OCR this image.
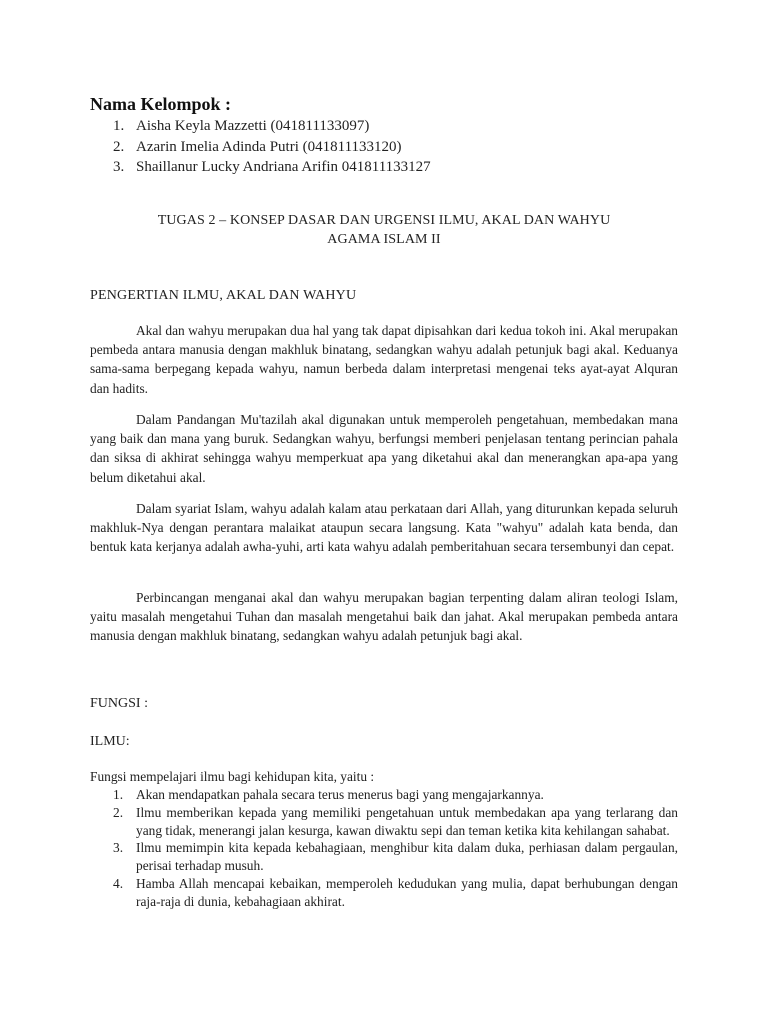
Nama Kelompok :
1. Aisha Keyla Mazzetti (041811133097)
2. Azarin Imelia Adinda Putri (041811133120)
3. Shaillanur Lucky Andriana Arifin 041811133127
TUGAS 2 – KONSEP DASAR DAN URGENSI ILMU, AKAL DAN WAHYU
AGAMA ISLAM II
PENGERTIAN ILMU, AKAL DAN WAHYU

Akal dan wahyu merupakan dua hal yang tak dapat dipisahkan dari kedua tokoh ini. Akal merupakan pembeda antara manusia dengan makhluk binatang, sedangkan wahyu adalah petunjuk bagi akal. Keduanya sama-sama berpegang kepada wahyu, namun berbeda dalam interpretasi mengenai teks ayat-ayat Alquran dan hadits.

Dalam Pandangan Mu'tazilah akal digunakan untuk memperoleh pengetahuan, membedakan mana yang baik dan mana yang buruk. Sedangkan wahyu, berfungsi memberi penjelasan tentang perincian pahala dan siksa di akhirat sehingga wahyu memperkuat apa yang diketahui akal dan menerangkan apa-apa yang belum diketahui akal.

Dalam syariat Islam, wahyu adalah kalam atau perkataan dari Allah, yang diturunkan kepada seluruh makhluk-Nya dengan perantara malaikat ataupun secara langsung. Kata "wahyu" adalah kata benda, dan bentuk kata kerjanya adalah awha-yuhi, arti kata wahyu adalah pemberitahuan secara tersembunyi dan cepat.

Perbincangan menganai akal dan wahyu merupakan bagian terpenting dalam aliran teologi Islam, yaitu masalah mengetahui Tuhan dan masalah mengetahui baik dan jahat. Akal merupakan pembeda antara manusia dengan makhluk binatang, sedangkan wahyu adalah petunjuk bagi akal.

FUNGSI :
ILMU:
Fungsi mempelajari ilmu bagi kehidupan kita, yaitu :
1. Akan mendapatkan pahala secara terus menerus bagi yang mengajarkannya.
2. Ilmu memberikan kepada yang memiliki pengetahuan untuk membedakan apa yang terlarang dan yang tidak, menerangi jalan kesurga, kawan diwaktu sepi dan teman ketika kita kehilangan sahabat.
3. Ilmu memimpin kita kepada kebahagiaan, menghibur kita dalam duka, perhiasan dalam pergaulan, perisai terhadap musuh.
4. Hamba Allah mencapai kebaikan, memperoleh kedudukan yang mulia, dapat berhubungan dengan raja-raja di dunia, kebahagiaan akhirat.
